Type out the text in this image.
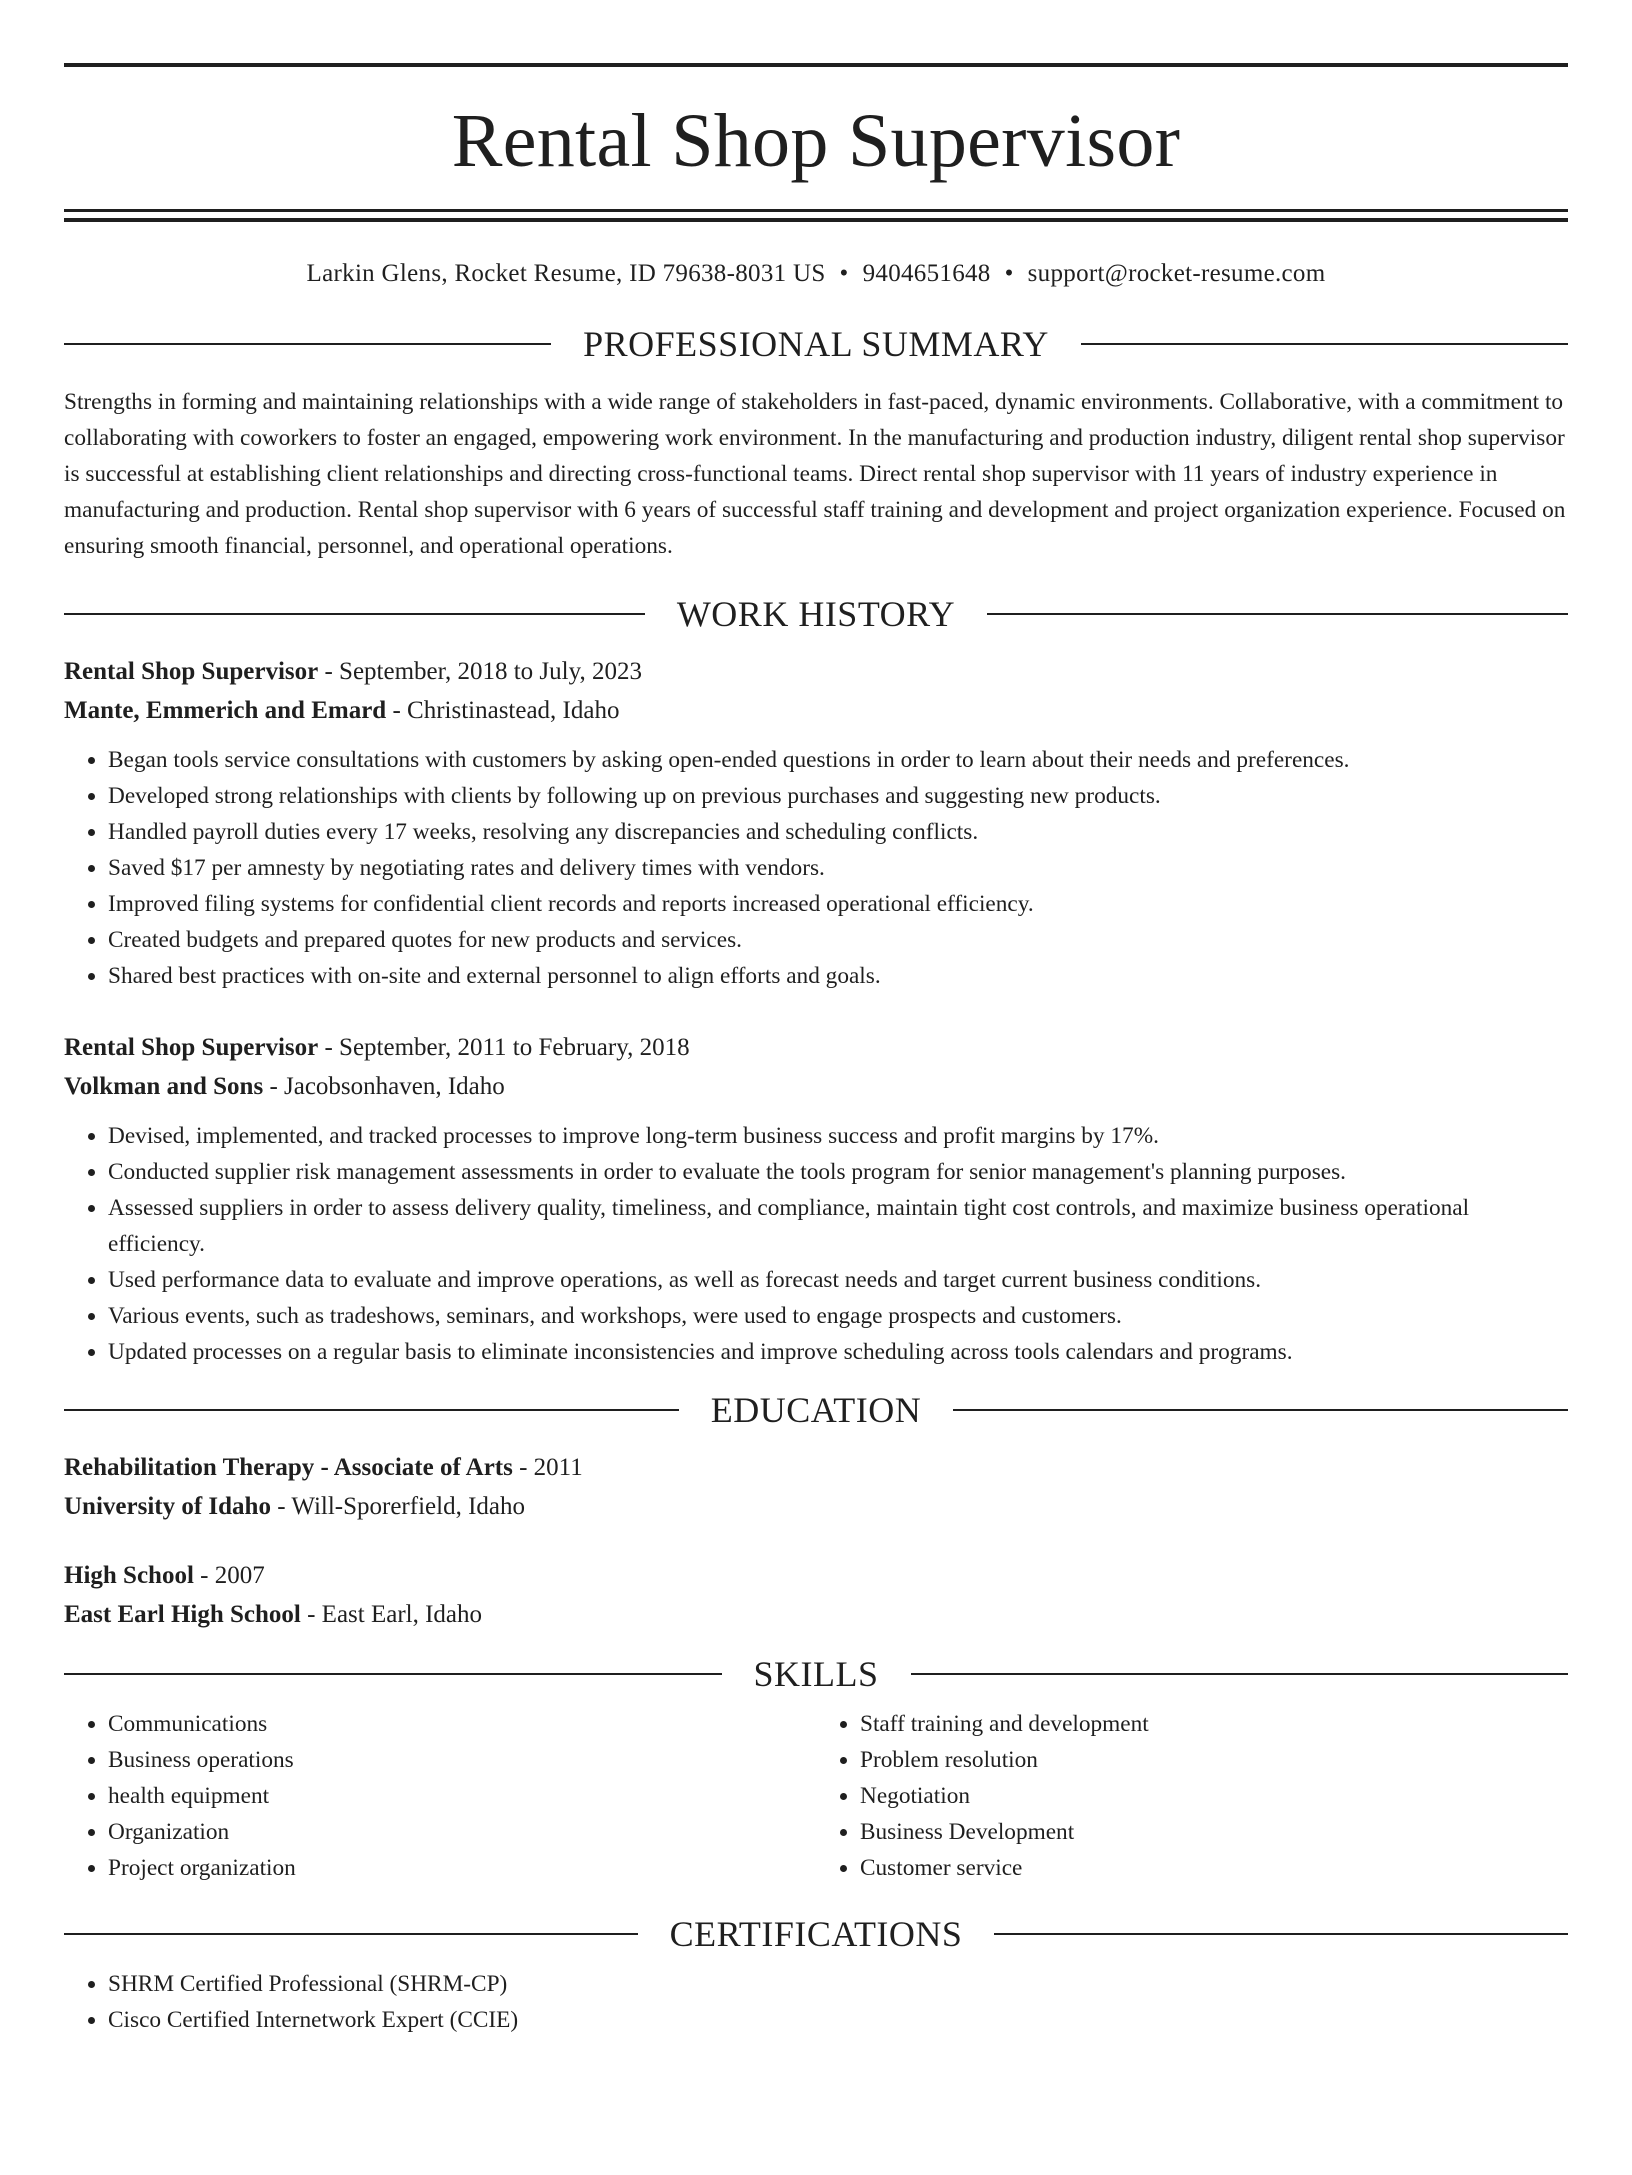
Rental Shop Supervisor
Larkin Glens, Rocket Resume, ID 79638-8031 US • 9404651648 • support@rocket-resume.com
PROFESSIONAL SUMMARY

Strengths in forming and maintaining relationships with a wide range of stakeholders in fast-paced, dynamic environments. Collaborative, with a commitment to collaborating with coworkers to foster an engaged, empowering work environment. In the manufacturing and production industry, diligent rental shop supervisor is successful at establishing client relationships and directing cross-functional teams. Direct rental shop supervisor with 11 years of industry experience in manufacturing and production. Rental shop supervisor with 6 years of successful staff training and development and project organization experience. Focused on ensuring smooth financial, personnel, and operational operations.

WORK HISTORY
Rental Shop Supervisor - September, 2018 to July, 2023
Mante, Emmerich and Emard - Christinastead, Idaho
• Began tools service consultations with customers by asking open-ended questions in order to learn about their needs and preferences.
• Developed strong relationships with clients by following up on previous purchases and suggesting new products.
• Handled payroll duties every 17 weeks, resolving any discrepancies and scheduling conflicts.
• Saved $17 per amnesty by negotiating rates and delivery times with vendors.
• Improved filing systems for confidential client records and reports increased operational efficiency.
• Created budgets and prepared quotes for new products and services.
• Shared best practices with on-site and external personnel to align efforts and goals.
Rental Shop Supervisor - September, 2011 to February, 2018
Volkman and Sons - Jacobsonhaven, Idaho
• Devised, implemented, and tracked processes to improve long-term business success and profit margins by 17%.
• Conducted supplier risk management assessments in order to evaluate the tools program for senior management's planning purposes.
• Assessed suppliers in order to assess delivery quality, timeliness, and compliance, maintain tight cost controls, and maximize business operational efficiency.
• Used performance data to evaluate and improve operations, as well as forecast needs and target current business conditions.
• Various events, such as tradeshows, seminars, and workshops, were used to engage prospects and customers.
• Updated processes on a regular basis to eliminate inconsistencies and improve scheduling across tools calendars and programs.
EDUCATION
Rehabilitation Therapy - Associate of Arts - 2011
University of Idaho - Will-Sporerfield, Idaho
High School - 2007
East Earl High School - East Earl, Idaho
SKILLS
• Communications
• Business operations
• health equipment
• Organization
• Project organization
• Staff training and development
• Problem resolution
• Negotiation
• Business Development
• Customer service
CERTIFICATIONS
• SHRM Certified Professional (SHRM-CP)
• Cisco Certified Internetwork Expert (CCIE)
